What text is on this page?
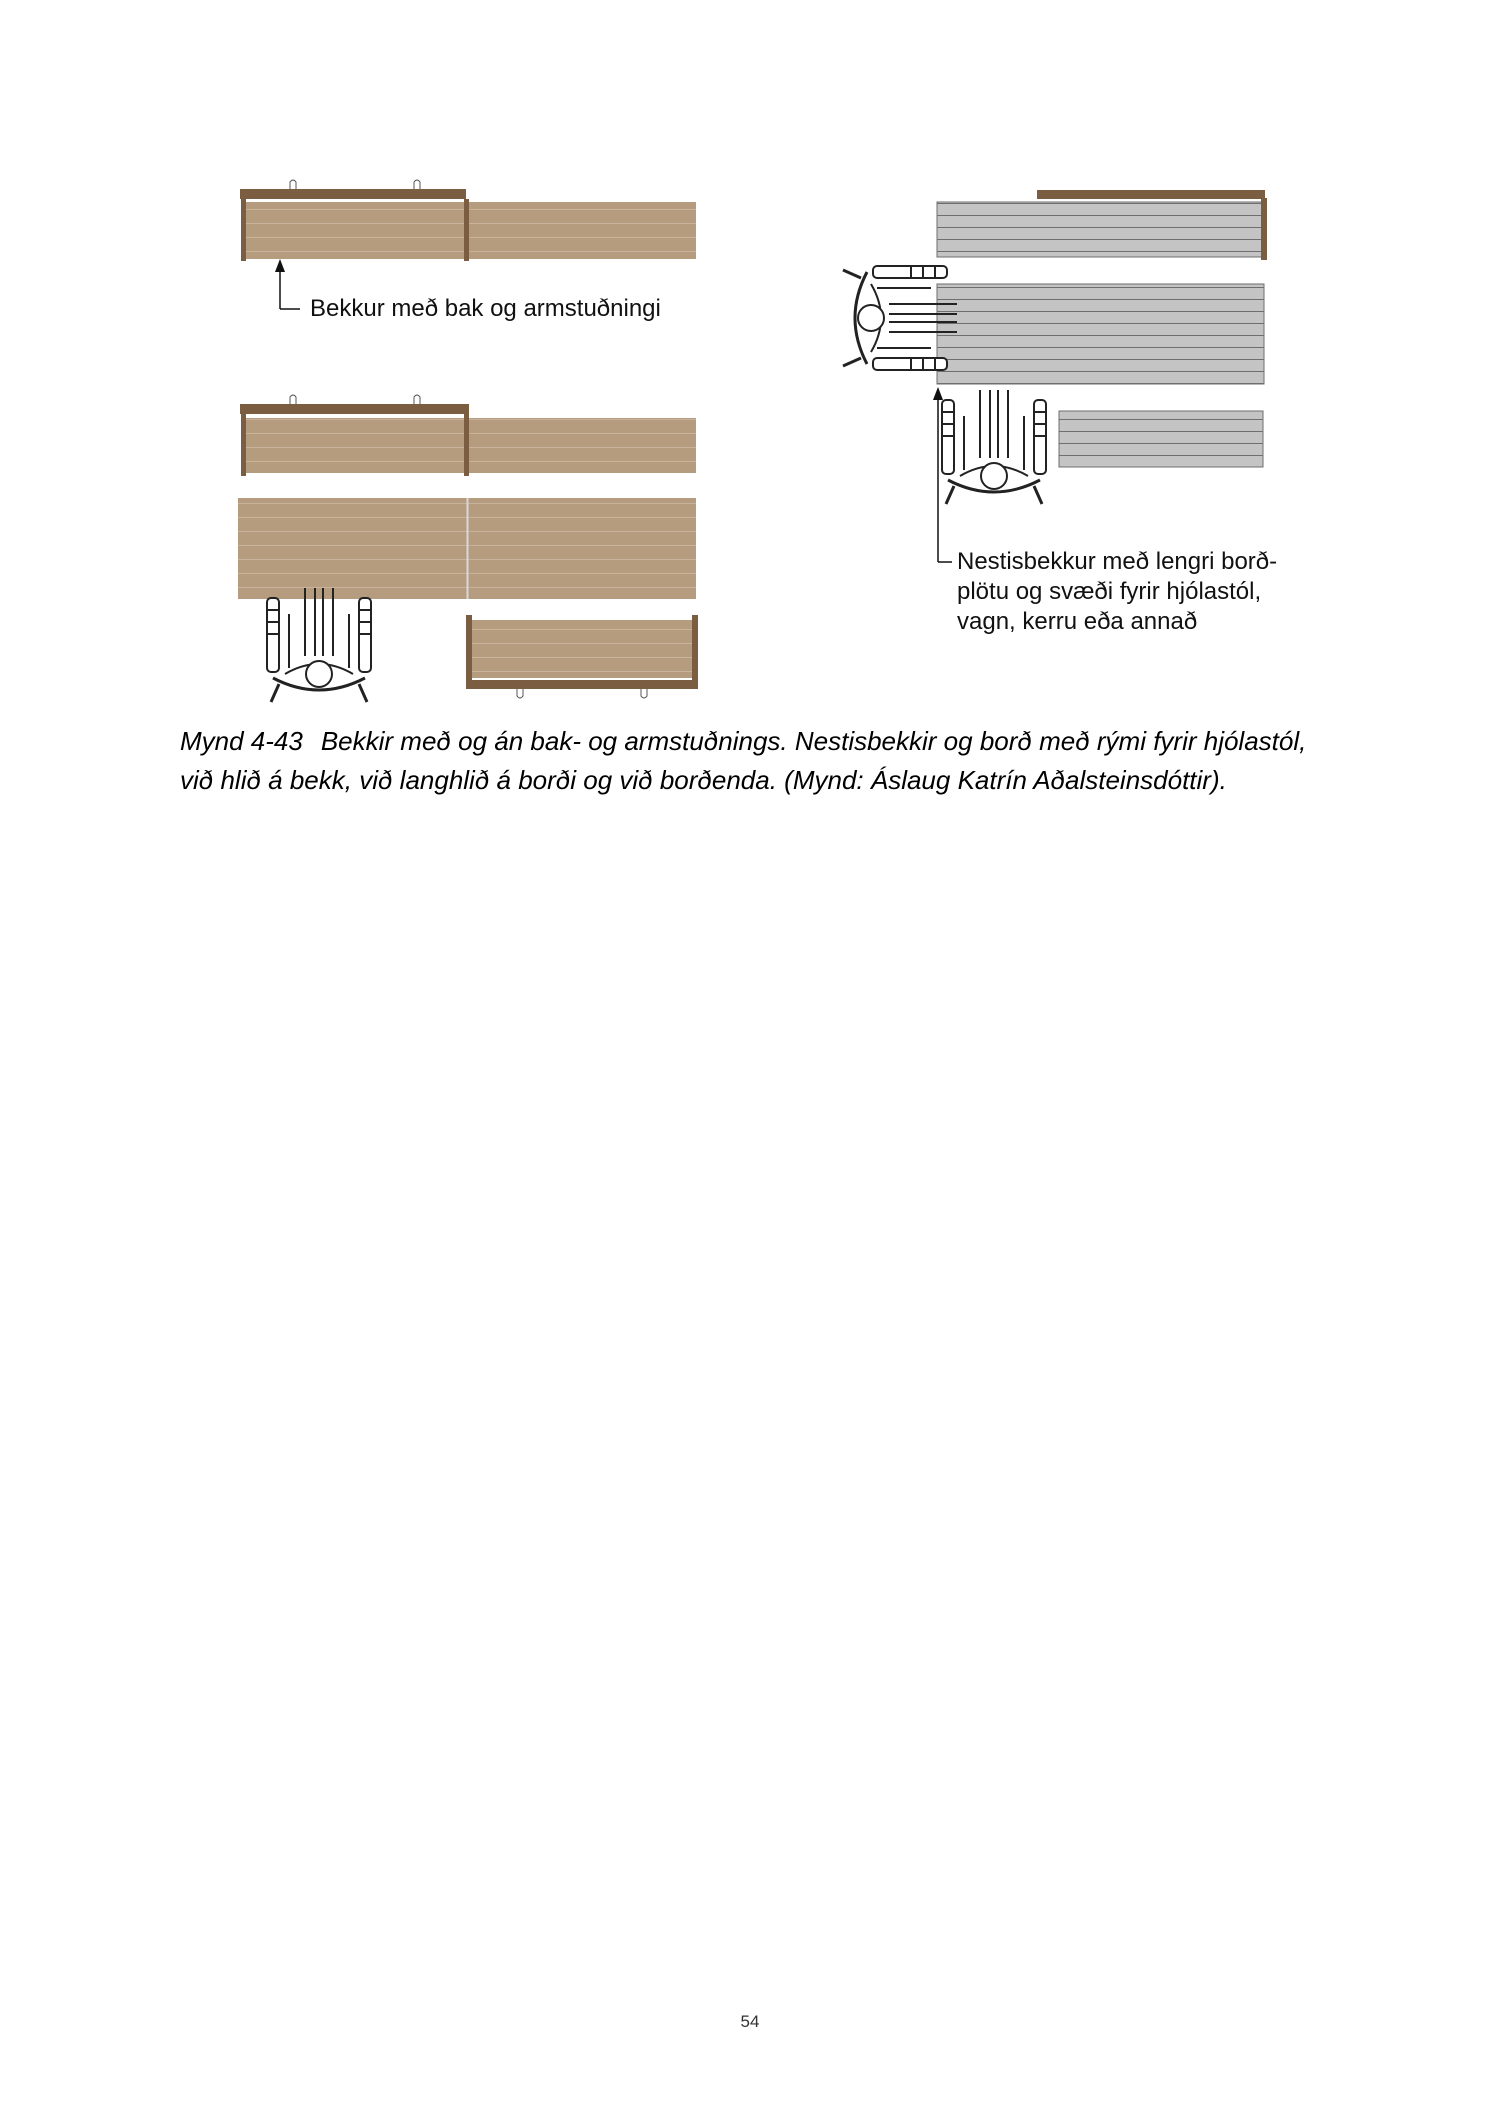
Bekkur með bak og armstuðningi
Nestisbekkur með lengri borð-
plötu og svæði fyrir hjólastól,
vagn, kerru eða annað

Mynd 4-43 Bekkir með og án bak- og armstuðnings. Nestisbekkir og borð með rými fyrir hjólastól, við hlið á bekk, við langhlið á borði og við borðenda. (Mynd: Áslaug Katrín Aðalsteinsdóttir).

54
